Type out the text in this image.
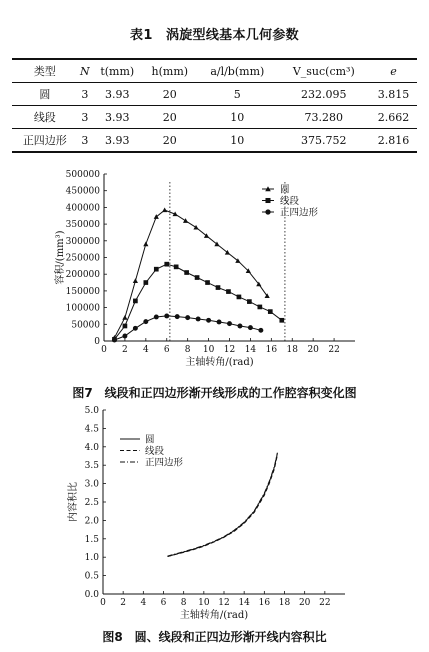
表1　涡旋型线基本几何参数
类型	N	t(mm)	h(mm)	a/l/b(mm)	V_suc(cm³)	e
圆	3	3.93	20	5	232.095	3.815
线段	3	3.93	20	10	73.280	2.662
正四边形	3	3.93	20	10	375.752	2.816
0 2 4 6 8 10 12 14 16 18 20 22
0
50000
100000
150000
200000
250000
300000
350000
400000
450000
500000
主轴转角/(rad)
容积/(mm³)
圆
线段
正四边形
图7　线段和正四边形渐开线形成的工作腔容积变化图
0 2 4 6 8 10 12 14 16 18 20 22
0.0
0.5
1.0
1.5
2.0
2.5
3.0
3.5
4.0
4.5
5.0
主轴转角/(rad)
内容积比
圆
线段
正四边形
图8　圆、线段和正四边形渐开线内容积比
